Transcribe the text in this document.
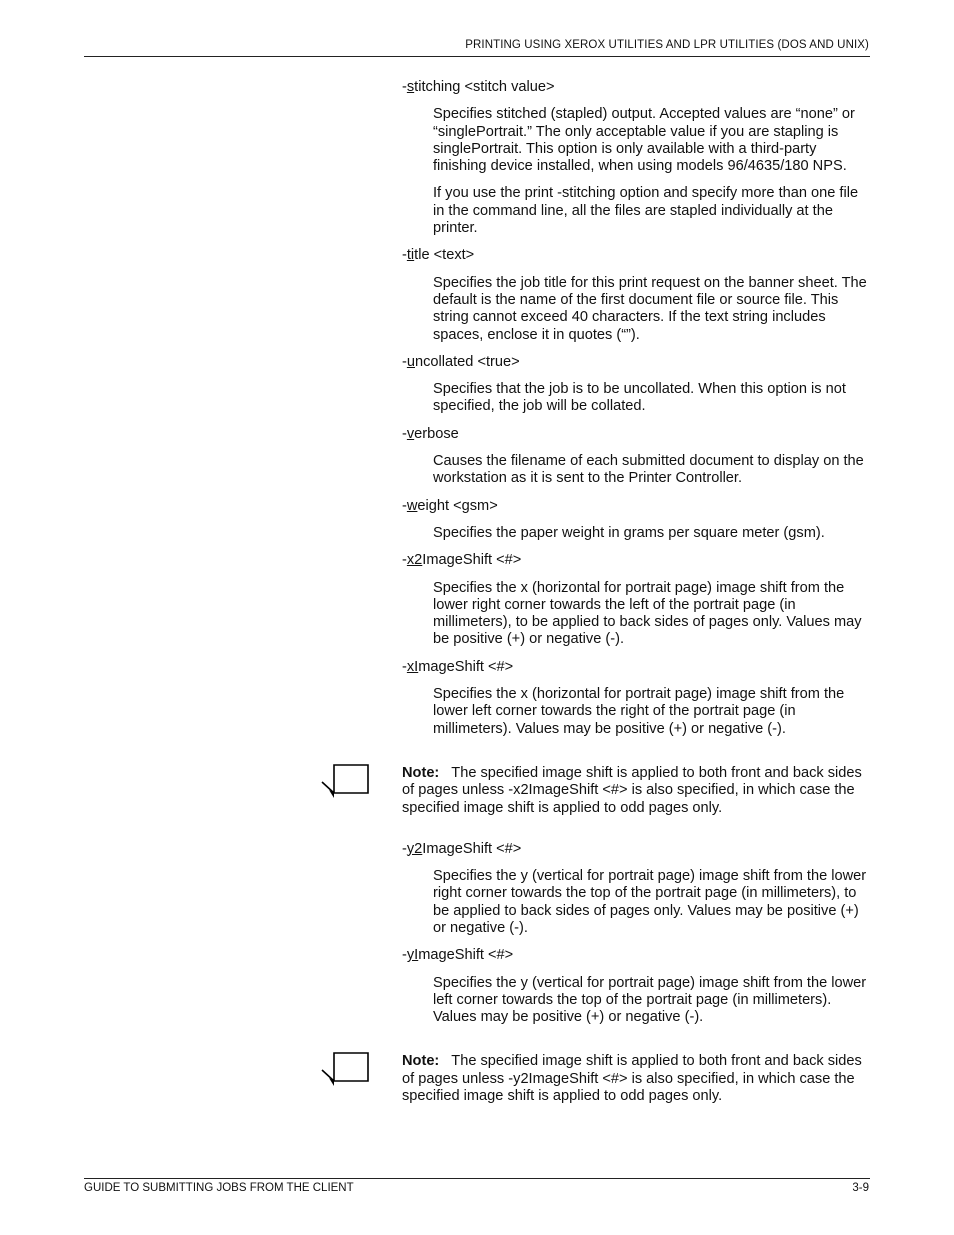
PRINTING USING XEROX UTILITIES AND LPR UTILITIES (DOS AND UNIX)
-stitching <stitch value>

Specifies stitched (stapled) output. Accepted values are “none” or “singlePortrait.” The only acceptable value if you are stapling is singlePortrait. This option is only available with a third-party finishing device installed, when using models 96/4635/180 NPS.

If you use the print -stitching option and specify more than one file in the command line, all the files are stapled individually at the printer.

-title <text>

Specifies the job title for this print request on the banner sheet. The default is the name of the first document file or source file. This string cannot exceed 40 characters. If the text string includes spaces, enclose it in quotes (“”).

-uncollated <true>

Specifies that the job is to be uncollated. When this option is not specified, the job will be collated.

-verbose

Causes the filename of each submitted document to display on the workstation as it is sent to the Printer Controller.

-weight <gsm>

Specifies the paper weight in grams per square meter (gsm).

-x2ImageShift <#>

Specifies the x (horizontal for portrait page) image shift from the lower right corner towards the left of the portrait page (in millimeters), to be applied to back sides of pages only. Values may be positive (+) or negative (-).

-xImageShift <#>

Specifies the x (horizontal for portrait page) image shift from the lower left corner towards the right of the portrait page (in millimeters). Values may be positive (+) or negative (-).

Note: The specified image shift is applied to both front and back sides of pages unless -x2ImageShift <#> is also specified, in which case the specified image shift is applied to odd pages only.

-y2ImageShift <#>

Specifies the y (vertical for portrait page) image shift from the lower right corner towards the top of the portrait page (in millimeters), to be applied to back sides of pages only. Values may be positive (+) or negative (-).

-yImageShift <#>

Specifies the y (vertical for portrait page) image shift from the lower left corner towards the top of the portrait page (in millimeters). Values may be positive (+) or negative (-).

Note: The specified image shift is applied to both front and back sides of pages unless -y2ImageShift <#> is also specified, in which case the specified image shift is applied to odd pages only.

GUIDE TO SUBMITTING JOBS FROM THE CLIENT	3-9
